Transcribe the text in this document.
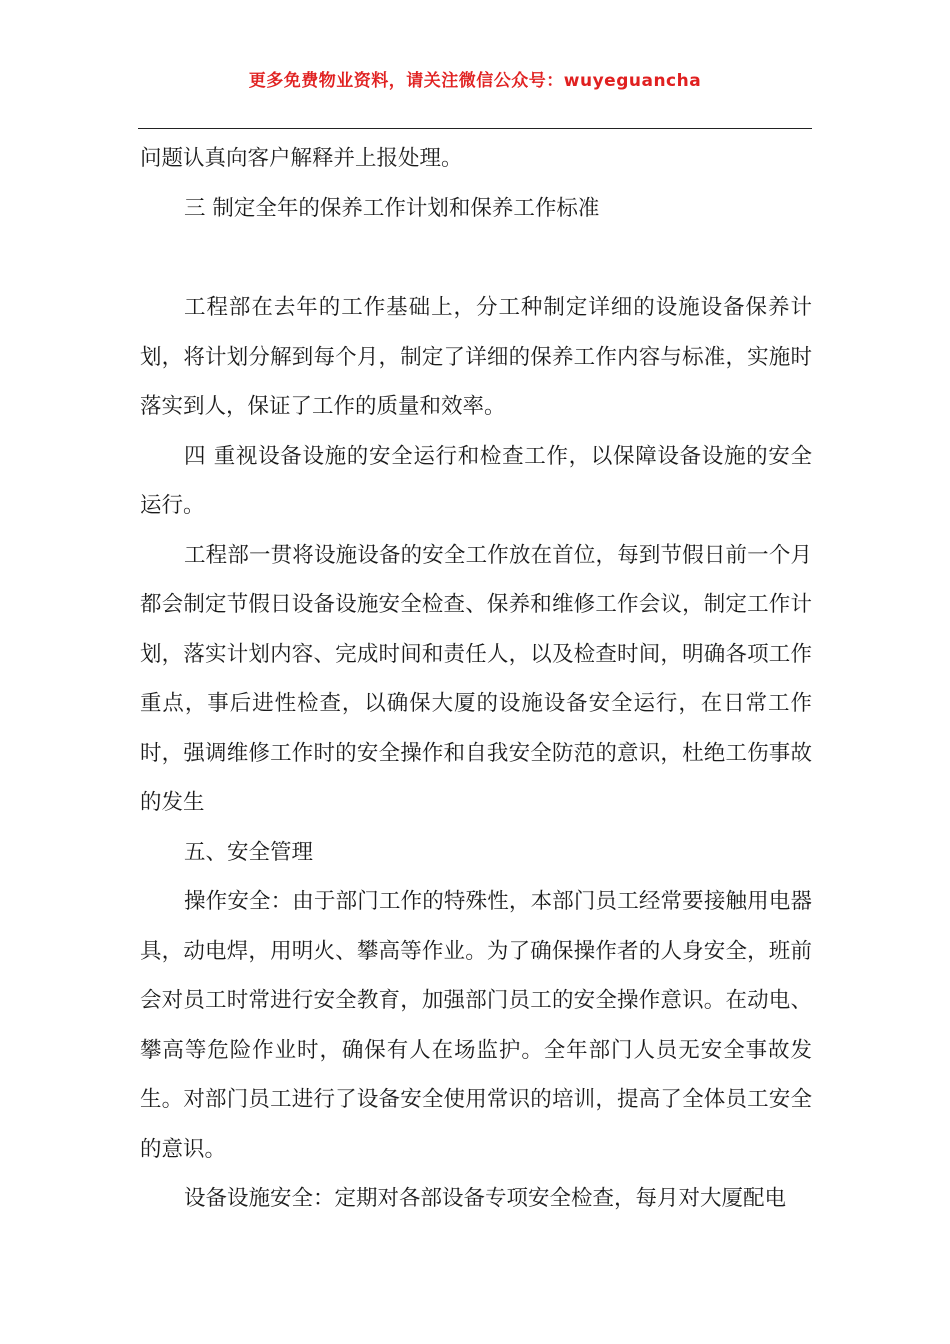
更多免费物业资料，请关注微信公众号：wuyeguancha

问题认真向客户解释并上报处理。

三 制定全年的保养工作计划和保养工作标准

工程部在去年的工作基础上，分工种制定详细的设施设备保养计划，将计划分解到每个月，制定了详细的保养工作内容与标准，实施时落实到人，保证了工作的质量和效率。

四 重视设备设施的安全运行和检查工作，以保障设备设施的安全运行。

工程部一贯将设施设备的安全工作放在首位，每到节假日前一个月都会制定节假日设备设施安全检查、保养和维修工作会议，制定工作计划，落实计划内容、完成时间和责任人，以及检查时间，明确各项工作重点，事后进性检查，以确保大厦的设施设备安全运行，在日常工作时，强调维修工作时的安全操作和自我安全防范的意识，杜绝工伤事故的发生

五、安全管理

操作安全：由于部门工作的特殊性，本部门员工经常要接触用电器具，动电焊，用明火、攀高等作业。为了确保操作者的人身安全，班前会对员工时常进行安全教育，加强部门员工的安全操作意识。在动电、攀高等危险作业时，确保有人在场监护。全年部门人员无安全事故发生。对部门员工进行了设备安全使用常识的培训，提高了全体员工安全的意识。

设备设施安全：定期对各部设备专项安全检查，每月对大厦配电
